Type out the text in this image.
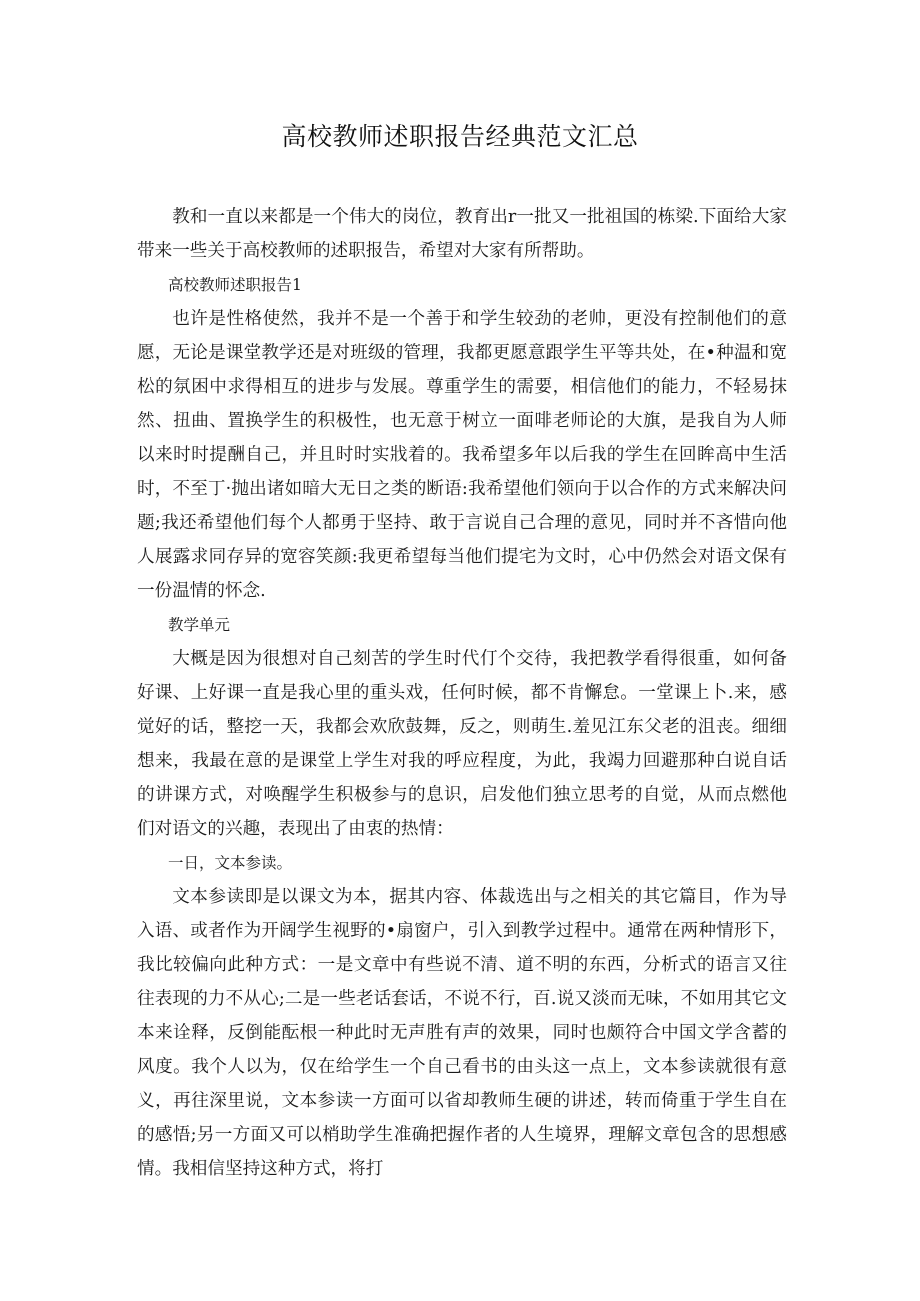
高校教师述职报告经典范文汇总

教和一直以来都是一个伟大的岗位，教育出r一批又一批祖国的栋梁.下面给大家带来一些关于高校教师的述职报告，希望对大家有所帮助。

高校教师述职报告1

也许是性格使然，我并不是一个善于和学生较劲的老帅，更没有控制他们的意愿，无论是课堂教学还是对班级的管理，我都更愿意跟学生平等共处，在•种温和宽松的氛困中求得相互的进步与发展。尊重学生的需要，相信他们的能力，不轻易抹然、扭曲、置换学生的积极性，也无意于树立一面啡老师论的大旗，是我自为人师以来时时提酬自己，并且时时实戕着的。我希望多年以后我的学生在回眸高中生活时，不至丁·抛出诸如暗大无日之类的断语:我希望他们领向于以合作的方式来解决问题;我还希望他们每个人都勇于坚持、敢于言说自己合理的意见，同时并不吝惜向他人展露求同存异的宽容笑颜:我更希望每当他们提宅为文时，心中仍然会对语文保有一份温情的怀念.

教学单元

大概是因为很想对自己刻苦的学生时代仃个交待，我把教学看得很重，如何备好课、上好课一直是我心里的重头戏，任何时候，都不肯懈怠。一堂课上卜.来，感觉好的话，整挖一天，我都会欢欣鼓舞，反之，则萌生.羞见江东父老的沮丧。细细想来，我最在意的是课堂上学生对我的呼应程度，为此，我竭力回避那种白说自话的讲课方式，对唤醒学生积极参与的息识，启发他们独立思考的自觉，从而点燃他们对语文的兴趣，表现出了由衷的热情：

一日，文本参读。

文本参读即是以课文为本，据其内容、体裁选出与之相关的其它篇目，作为导入语、或者作为开阔学生视野的•扇窗户，引入到教学过程中。通常在两种情形下，我比较偏向此种方式：一是文章中有些说不清、道不明的东西，分析式的语言又往往表现的力不从心;二是一些老话套话，不说不行，百.说又淡而无味，不如用其它文本来诠释，反倒能酝根一种此时无声胜有声的效果，同时也颇符合中国文学含蓄的风度。我个人以为，仅在给学生一个自己看书的由头这一点上，文本参读就很有意义，再往深里说，文本参读一方面可以省却教师生硬的讲述，转而倚重于学生自在的感悟;另一方面又可以梢助学生准确把握作者的人生境界，理解文章包含的思想感情。我相信坚持这种方式，将打
